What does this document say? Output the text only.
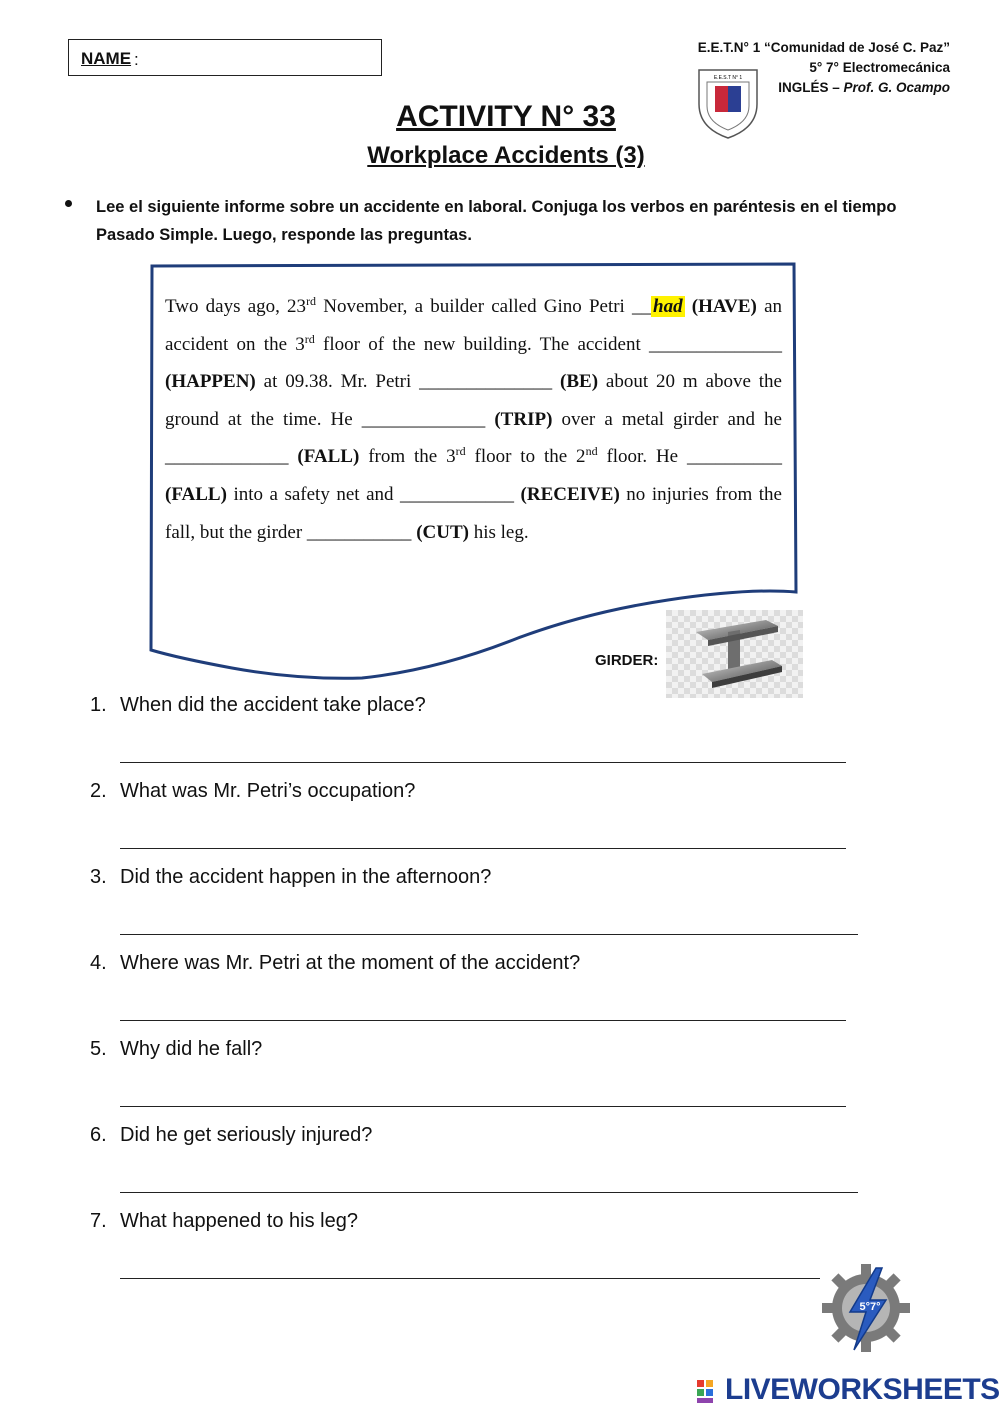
NAME :
E.E.T.N° 1 “Comunidad de José C. Paz”
5° 7° Electromecánica
INGLÉS – Prof. G. Ocampo
E.E.S.T N° 1
ACTIVITY N° 33
Workplace Accidents (3)
Lee el siguiente informe sobre un accidente en laboral. Conjuga los verbos en paréntesis en el tiempo Pasado Simple. Luego, responde las preguntas.
Two days ago, 23rd November, a builder called Gino Petri __ had (HAVE) an accident on the 3rd floor of the new building. The accident ______________ (HAPPEN) at 09.38. Mr. Petri ______________ (BE) about 20 m above the ground at the time. He _____________ (TRIP) over a metal girder and he _____________ (FALL) from the 3rd floor to the 2nd floor. He __________ (FALL) into a safety net and ____________ (RECEIVE) no injuries from the fall, but the girder ___________ (CUT) his leg.
GIRDER:
1. When did the accident take place?
2. What was Mr. Petri’s occupation?
3. Did the accident happen in the afternoon?
4. Where was Mr. Petri at the moment of the accident?
5. Why did he fall?
6. Did he get seriously injured?
7. What happened to his leg?
5°7°
LIVEWORKSHEETS
